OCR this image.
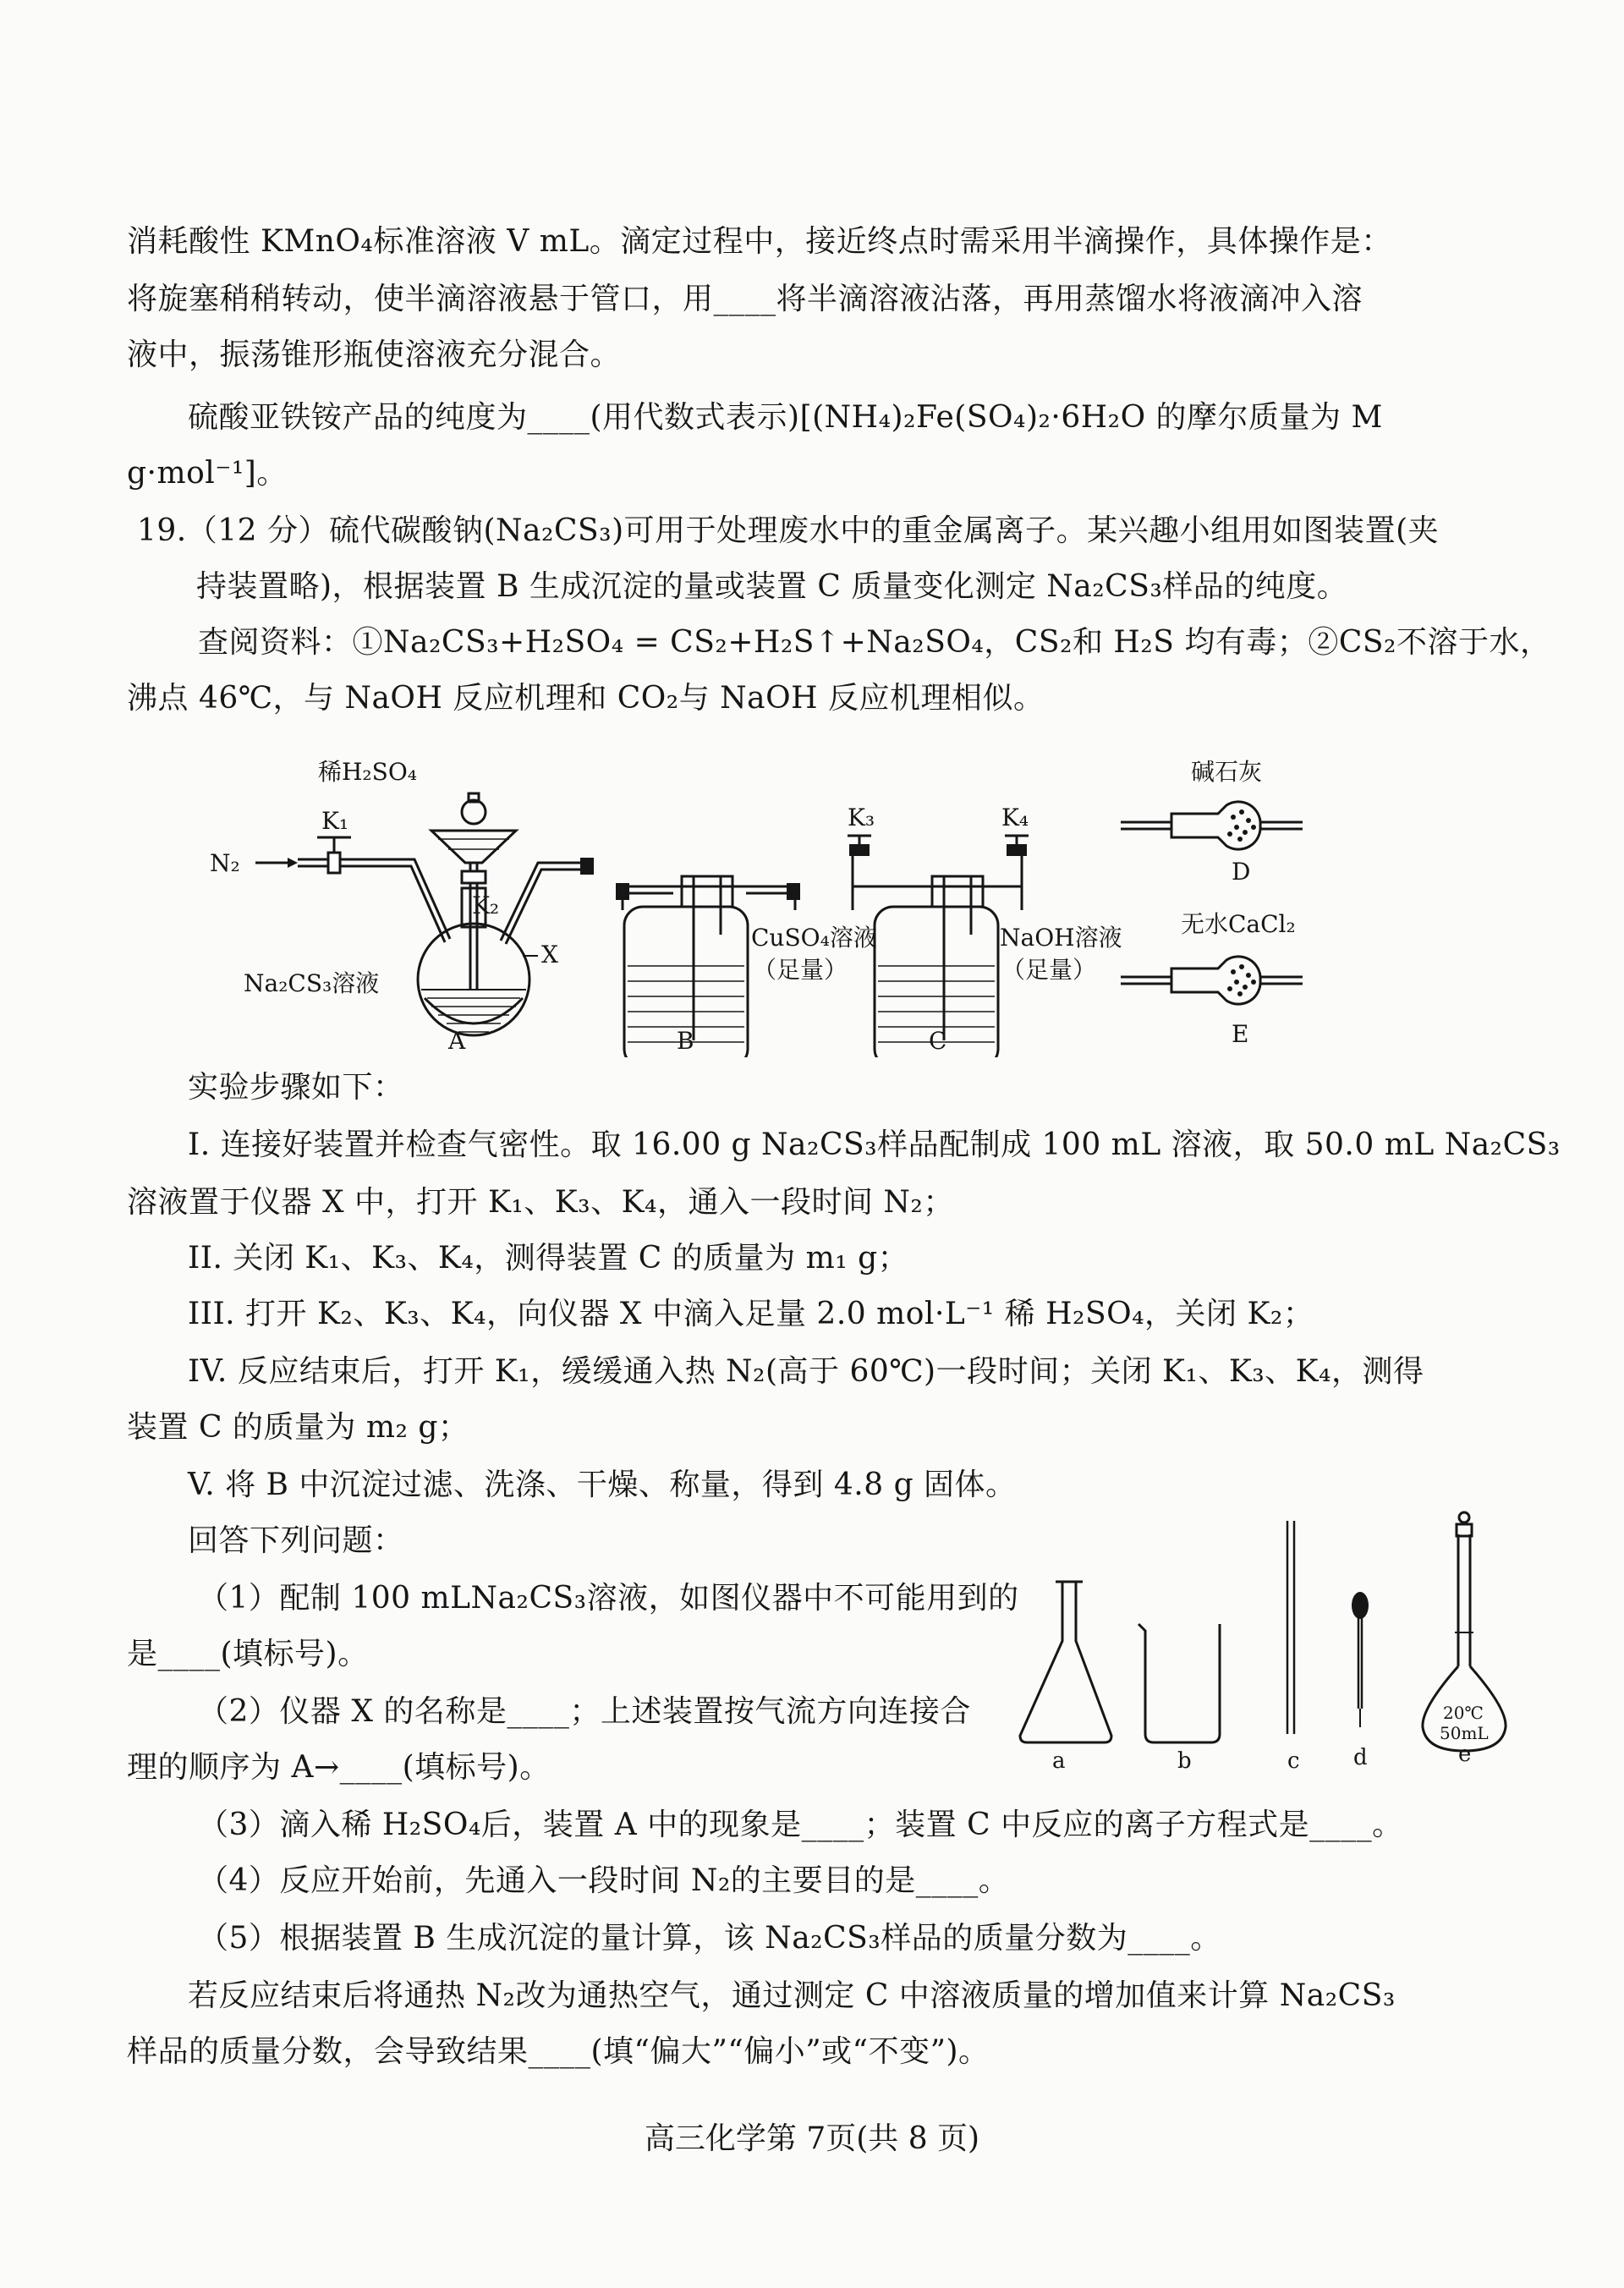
消耗酸性 KMnO₄标准溶液 V mL。滴定过程中，接近终点时需采用半滴操作，具体操作是：
将旋塞稍稍转动，使半滴溶液悬于管口，用____将半滴溶液沾落，再用蒸馏水将液滴冲入溶
液中，振荡锥形瓶使溶液充分混合。
硫酸亚铁铵产品的纯度为____(用代数式表示)[(NH₄)₂Fe(SO₄)₂·6H₂O 的摩尔质量为 M
g·mol⁻¹]。
19.（12 分）硫代碳酸钠(Na₂CS₃)可用于处理废水中的重金属离子。某兴趣小组用如图装置(夹
持装置略)，根据装置 B 生成沉淀的量或装置 C 质量变化测定 Na₂CS₃样品的纯度。
查阅资料：①Na₂CS₃+H₂SO₄ = CS₂+H₂S↑+Na₂SO₄，CS₂和 H₂S 均有毒；②CS₂不溶于水，
沸点 46℃，与 NaOH 反应机理和 CO₂与 NaOH 反应机理相似。
稀H₂SO₄
K₁
K₂
N₂
X
Na₂CS₃溶液
A
CuSO₄溶液
（足量）
B
K₃	K₄
NaOH溶液
（足量）
C
碱石灰
D
无水CaCl₂
E
实验步骤如下：
I. 连接好装置并检查气密性。取 16.00 g Na₂CS₃样品配制成 100 mL 溶液，取 50.0 mL Na₂CS₃
溶液置于仪器 X 中，打开 K₁、K₃、K₄，通入一段时间 N₂；
II. 关闭 K₁、K₃、K₄，测得装置 C 的质量为 m₁ g；
III. 打开 K₂、K₃、K₄，向仪器 X 中滴入足量 2.0 mol·L⁻¹ 稀 H₂SO₄，关闭 K₂；
IV. 反应结束后，打开 K₁，缓缓通入热 N₂(高于 60℃)一段时间；关闭 K₁、K₃、K₄，测得
装置 C 的质量为 m₂ g；
V. 将 B 中沉淀过滤、洗涤、干燥、称量，得到 4.8 g 固体。
回答下列问题：
（1）配制 100 mLNa₂CS₃溶液，如图仪器中不可能用到的
是____(填标号)。
（2）仪器 X 的名称是____；上述装置按气流方向连接合
理的顺序为 A→____(填标号)。	a	b	c d	e
20℃
50mL
（3）滴入稀 H₂SO₄后，装置 A 中的现象是____；装置 C 中反应的离子方程式是____。
（4）反应开始前，先通入一段时间 N₂的主要目的是____。
（5）根据装置 B 生成沉淀的量计算，该 Na₂CS₃样品的质量分数为____。
若反应结束后将通热 N₂改为通热空气，通过测定 C 中溶液质量的增加值来计算 Na₂CS₃
样品的质量分数，会导致结果____(填“偏大”“偏小”或“不变”)。
高三化学第 7页(共 8 页)
